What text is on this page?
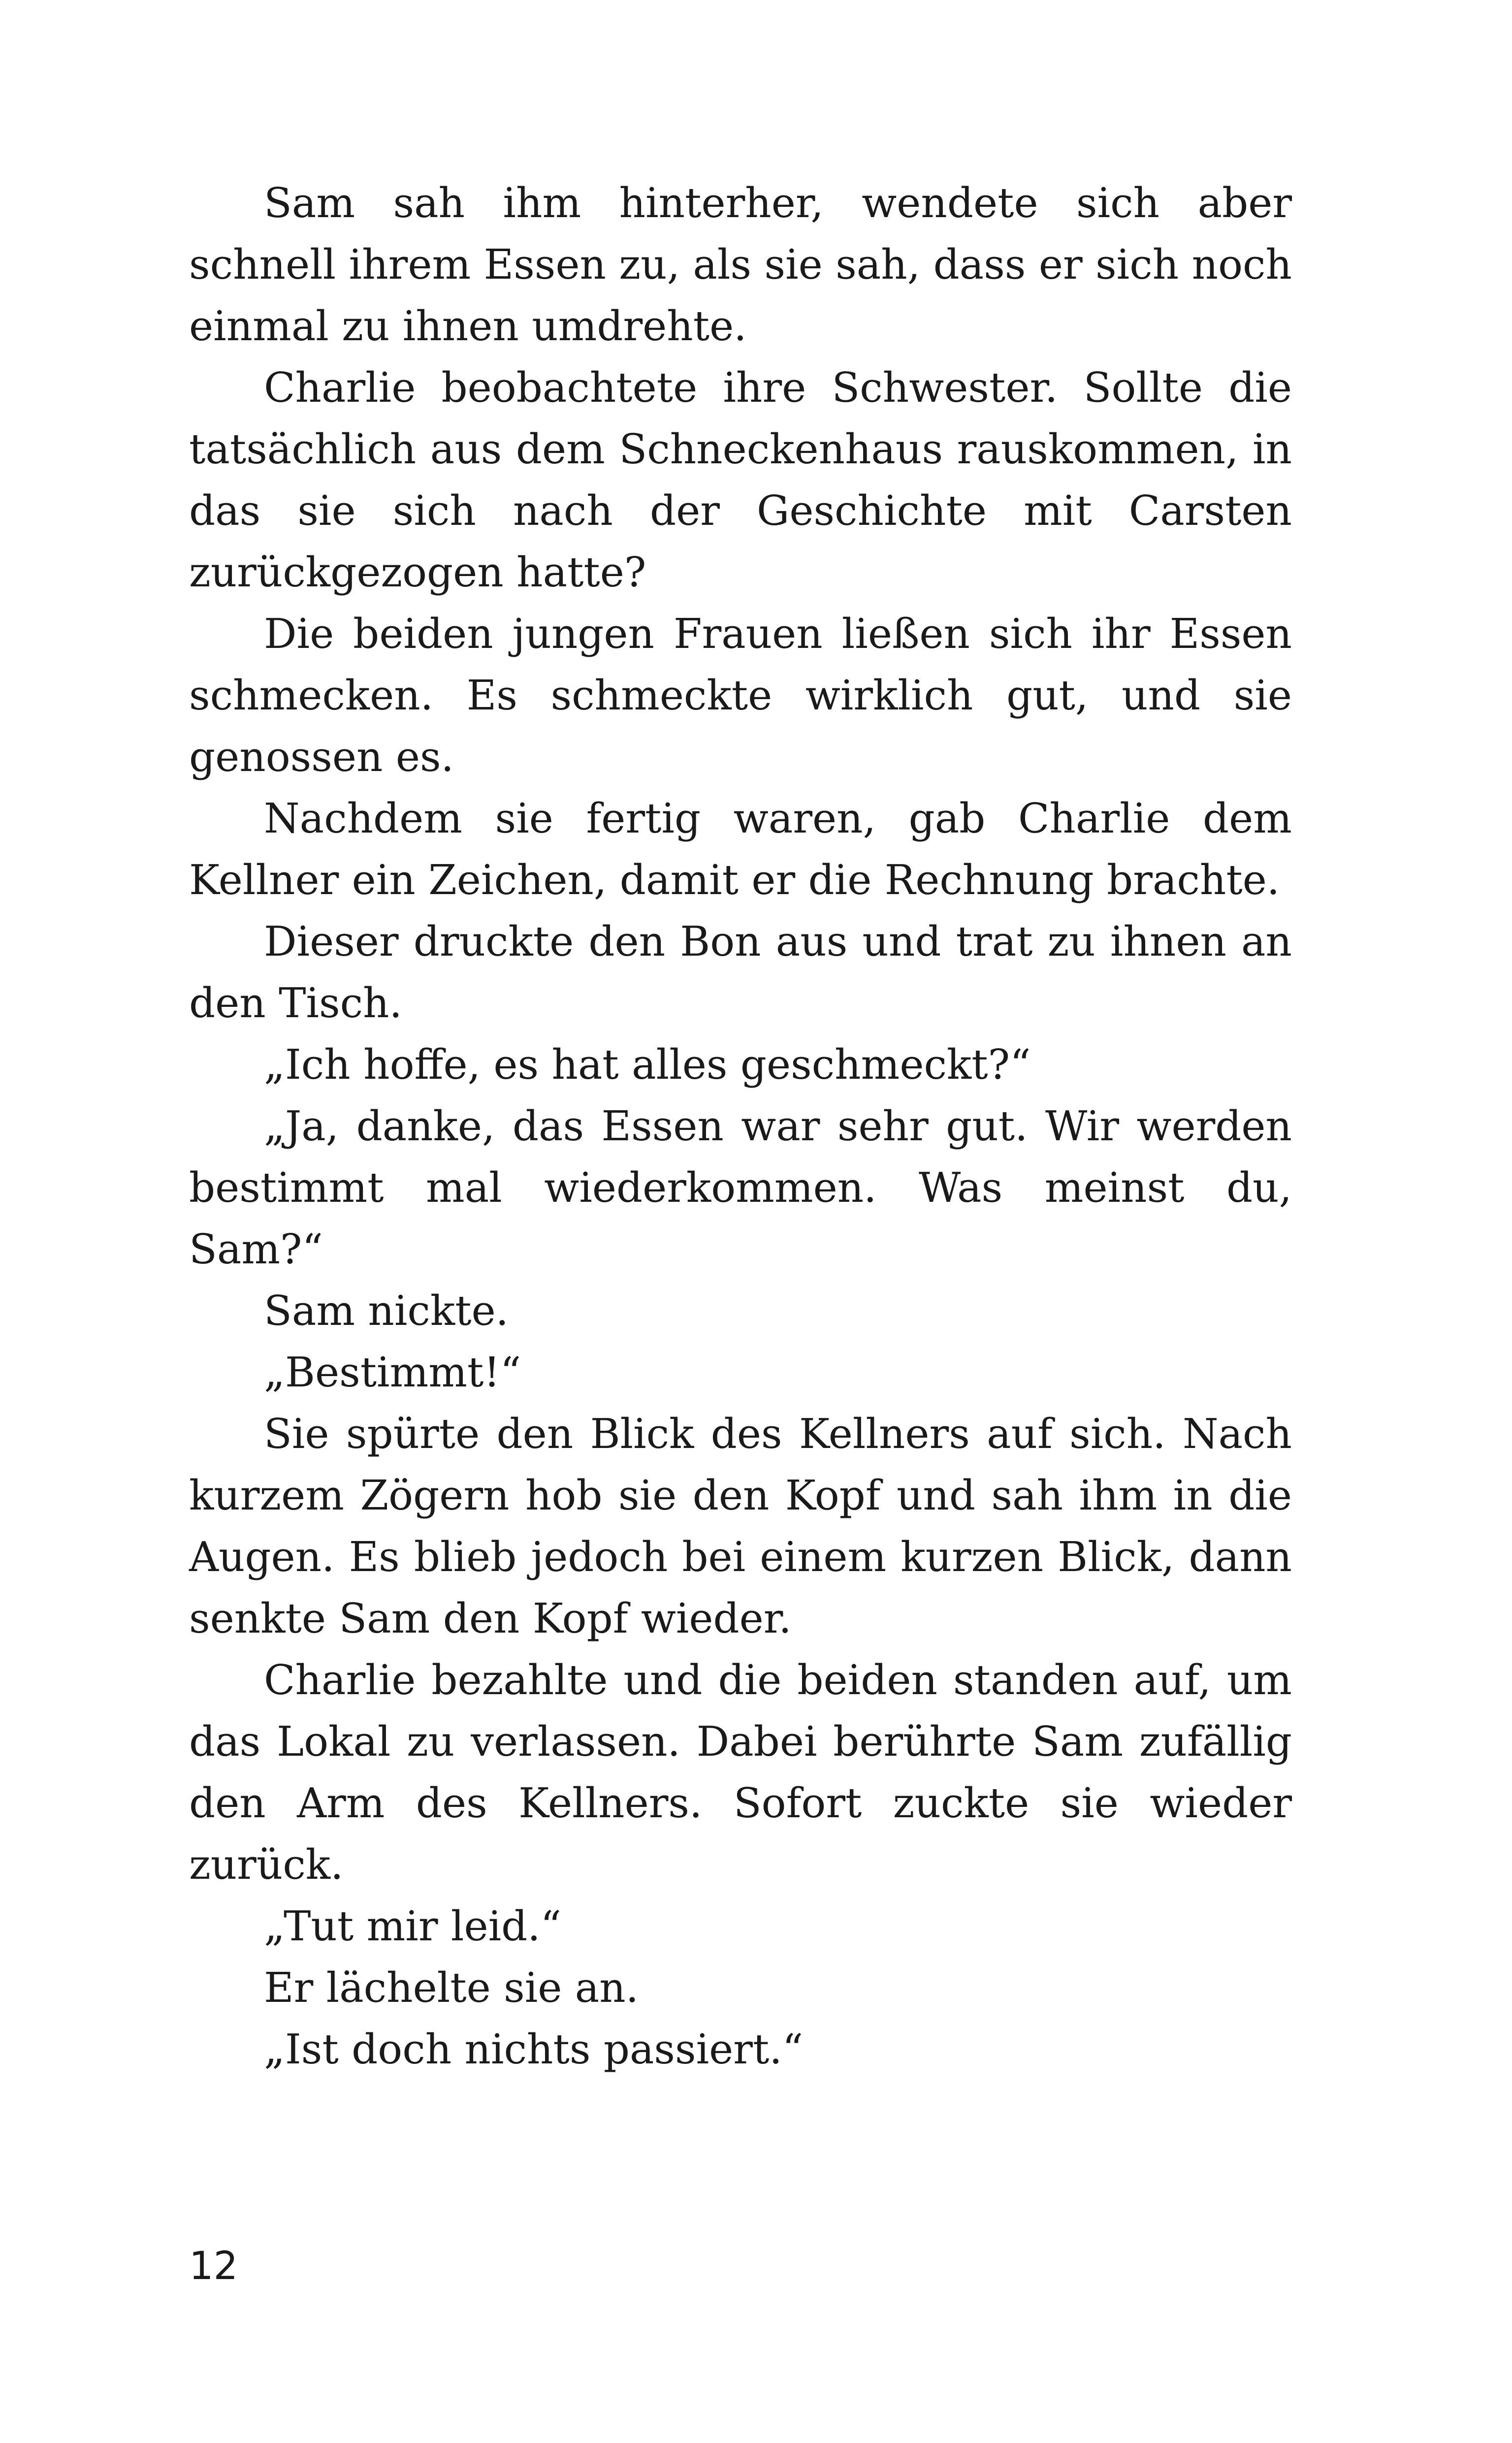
Sam sah ihm hinterher, wendete sich aber schnell ihrem Essen zu, als sie sah, dass er sich noch einmal zu ihnen umdrehte.

Charlie beobachtete ihre Schwester. Sollte die tatsächlich aus dem Schneckenhaus rauskommen, in das sie sich nach der Geschichte mit Carsten zurückgezogen hatte?

Die beiden jungen Frauen ließen sich ihr Essen schmecken. Es schmeckte wirklich gut, und sie genossen es.

Nachdem sie fertig waren, gab Charlie dem Kellner ein Zeichen, damit er die Rechnung brachte.

Dieser druckte den Bon aus und trat zu ihnen an den Tisch.

„Ich hoffe, es hat alles geschmeckt?“

„Ja, danke, das Essen war sehr gut. Wir werden bestimmt mal wiederkommen. Was meinst du, Sam?“

Sam nickte.

„Bestimmt!“

Sie spürte den Blick des Kellners auf sich. Nach kurzem Zögern hob sie den Kopf und sah ihm in die Augen. Es blieb jedoch bei einem kurzen Blick, dann senkte Sam den Kopf wieder.

Charlie bezahlte und die beiden standen auf, um das Lokal zu verlassen. Dabei berührte Sam zufällig den Arm des Kellners. Sofort zuckte sie wieder zurück.

„Tut mir leid.“

Er lächelte sie an.

„Ist doch nichts passiert.“

12
